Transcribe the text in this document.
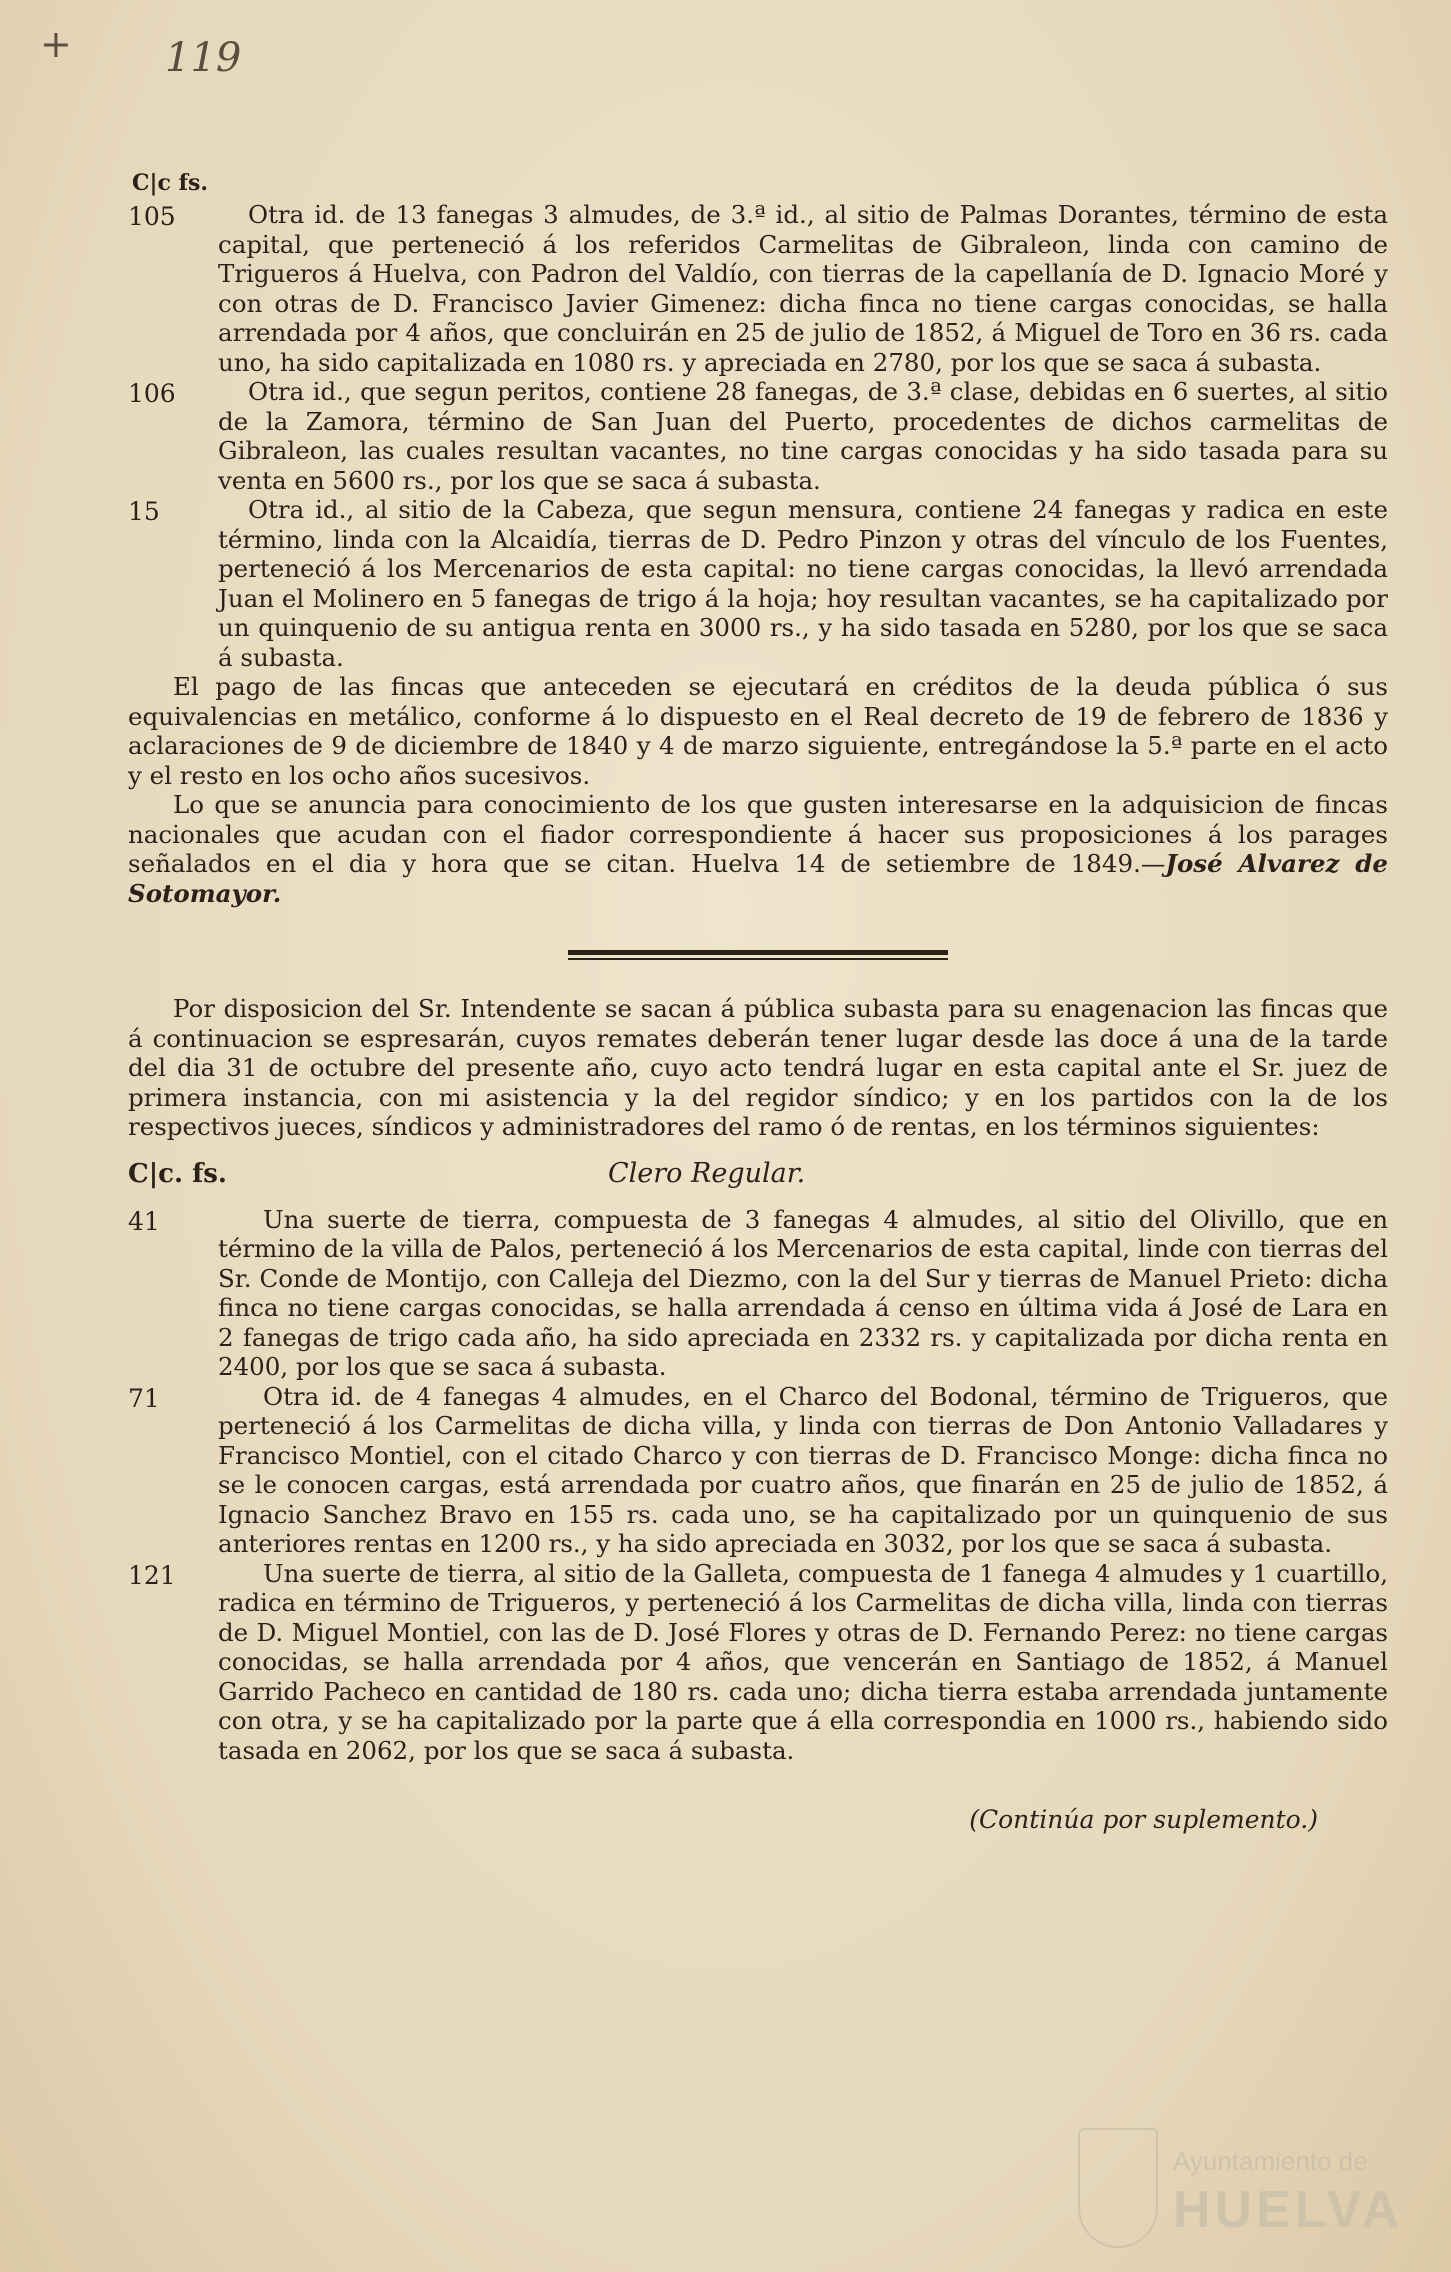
+ 119
C|c fs.
105	Otra id. de 13 fanegas 3 almudes, de 3.ª id., al sitio de Palmas Dorantes, término de esta capital, que perteneció á los referidos Carmelitas de Gibraleon, linda con camino de Trigueros á Huelva, con Padron del Valdío, con tierras de la capellanía de D. Ignacio Moré y con otras de D. Francisco Javier Gimenez: dicha finca no tiene cargas conocidas, se halla arrendada por 4 años, que concluirán en 25 de julio de 1852, á Miguel de Toro en 36 rs. cada uno, ha sido capitalizada en 1080 rs. y apreciada en 2780, por los que se saca á subasta.
106	Otra id., que segun peritos, contiene 28 fanegas, de 3.ª clase, debidas en 6 suertes, al sitio de la Zamora, término de San Juan del Puerto, procedentes de dichos carmelitas de Gibraleon, las cuales resultan vacantes, no tine cargas conocidas y ha sido tasada para su venta en 5600 rs., por los que se saca á subasta.
15	Otra id., al sitio de la Cabeza, que segun mensura, contiene 24 fanegas y radica en este término, linda con la Alcaidía, tierras de D. Pedro Pinzon y otras del vínculo de los Fuentes, perteneció á los Mercenarios de esta capital: no tiene cargas conocidas, la llevó arrendada Juan el Molinero en 5 fanegas de trigo á la hoja; hoy resultan vacantes, se ha capitalizado por un quinquenio de su antigua renta en 3000 rs., y ha sido tasada en 5280, por los que se saca á subasta.

El pago de las fincas que anteceden se ejecutará en créditos de la deuda pública ó sus equivalencias en metálico, conforme á lo dispuesto en el Real decreto de 19 de febrero de 1836 y aclaraciones de 9 de diciembre de 1840 y 4 de marzo siguiente, entregándose la 5.ª parte en el acto y el resto en los ocho años sucesivos.

Lo que se anuncia para conocimiento de los que gusten interesarse en la adquisicion de fincas nacionales que acudan con el fiador correspondiente á hacer sus proposiciones á los parages señalados en el dia y hora que se citan. Huelva 14 de setiembre de 1849.—José Alvarez de Sotomayor.

Por disposicion del Sr. Intendente se sacan á pública subasta para su enagenacion las fincas que á continuacion se espresarán, cuyos remates deberán tener lugar desde las doce á una de la tarde del dia 31 de octubre del presente año, cuyo acto tendrá lugar en esta capital ante el Sr. juez de primera instancia, con mi asistencia y la del regidor síndico; y en los partidos con la de los respectivos jueces, síndicos y administradores del ramo ó de rentas, en los términos siguientes:

C|c. fs.	Clero Regular.
41	Una suerte de tierra, compuesta de 3 fanegas 4 almudes, al sitio del Olivillo, que en término de la villa de Palos, perteneció á los Mercenarios de esta capital, linde con tierras del Sr. Conde de Montijo, con Calleja del Diezmo, con la del Sur y tierras de Manuel Prieto: dicha finca no tiene cargas conocidas, se halla arrendada á censo en última vida á José de Lara en 2 fanegas de trigo cada año, ha sido apreciada en 2332 rs. y capitalizada por dicha renta en 2400, por los que se saca á subasta.
71	Otra id. de 4 fanegas 4 almudes, en el Charco del Bodonal, término de Trigueros, que perteneció á los Carmelitas de dicha villa, y linda con tierras de Don Antonio Valladares y Francisco Montiel, con el citado Charco y con tierras de D. Francisco Monge: dicha finca no se le conocen cargas, está arrendada por cuatro años, que finarán en 25 de julio de 1852, á Ignacio Sanchez Bravo en 155 rs. cada uno, se ha capitalizado por un quinquenio de sus anteriores rentas en 1200 rs., y ha sido apreciada en 3032, por los que se saca á subasta.
121	Una suerte de tierra, al sitio de la Galleta, compuesta de 1 fanega 4 almudes y 1 cuartillo, radica en término de Trigueros, y perteneció á los Carmelitas de dicha villa, linda con tierras de D. Miguel Montiel, con las de D. José Flores y otras de D. Fernando Perez: no tiene cargas conocidas, se halla arrendada por 4 años, que vencerán en Santiago de 1852, á Manuel Garrido Pacheco en cantidad de 180 rs. cada uno; dicha tierra estaba arrendada juntamente con otra, y se ha capitalizado por la parte que á ella correspondia en 1000 rs., habiendo sido tasada en 2062, por los que se saca á subasta.
(Continúa por suplemento.)
Ayuntamiento de
HUELVA
